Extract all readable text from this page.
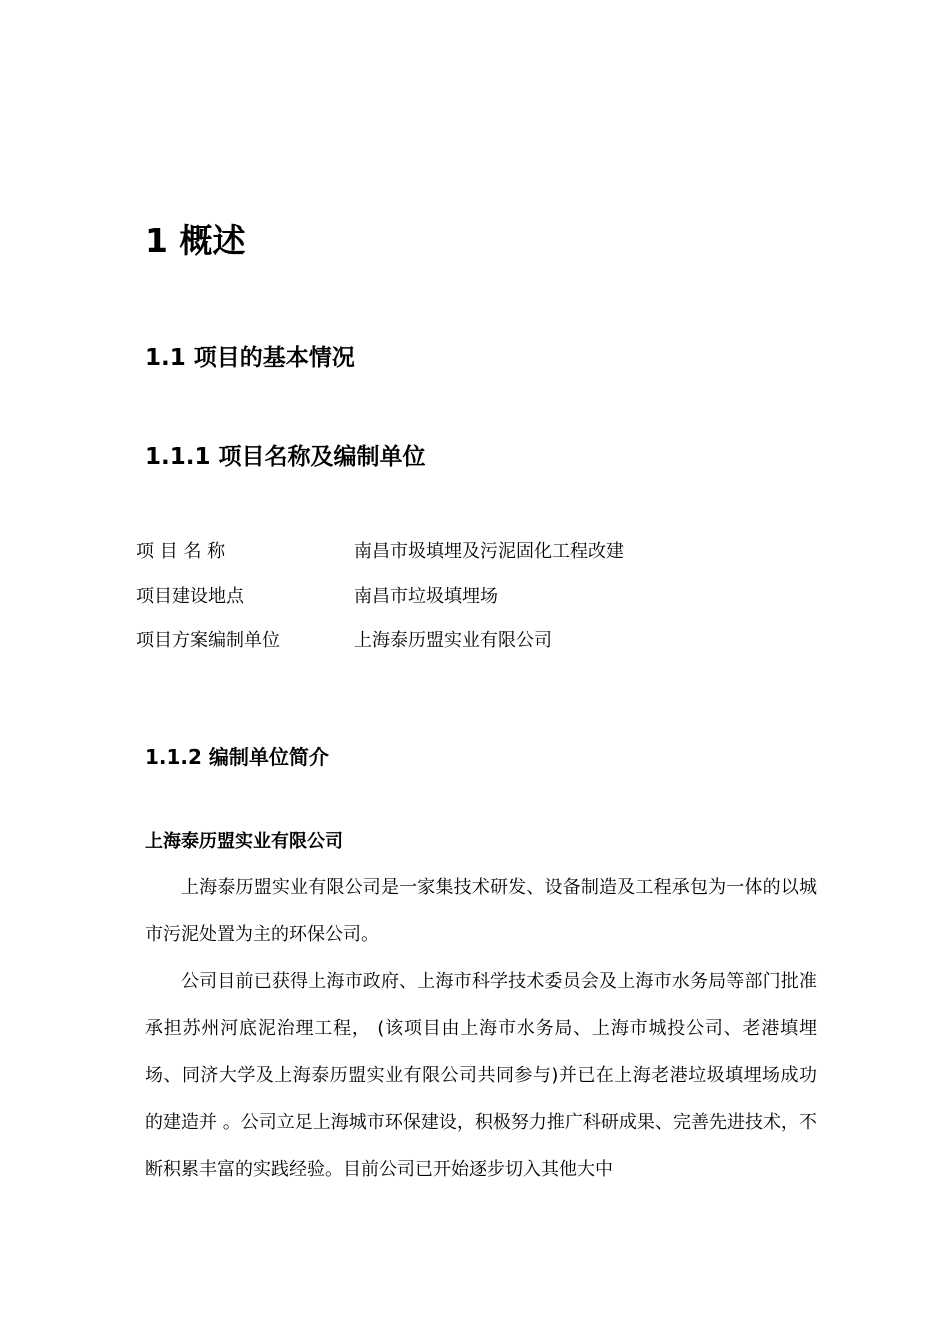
1 概述
1.1 项目的基本情况
1.1.1 项目名称及编制单位
项 目 名 称	南昌市圾填埋及污泥固化工程改建
项目建设地点	南昌市垃圾填埋场
项目方案编制单位	上海泰历盟实业有限公司
1.1.2 编制单位简介
上海泰历盟实业有限公司

上海泰历盟实业有限公司是一家集技术研发、设备制造及工程承包为一体的以城市污泥处置为主的环保公司。

公司目前已获得上海市政府、上海市科学技术委员会及上海市水务局等部门批准承担苏州河底泥治理工程， (该项目由上海市水务局、上海市城投公司、老港填埋场、同济大学及上海泰历盟实业有限公司共同参与)并已在上海老港垃圾填埋场成功的建造并 。公司立足上海城市环保建设，积极努力推广科研成果、完善先进技术，不断积累丰富的实践经验。目前公司已开始逐步切入其他大中
